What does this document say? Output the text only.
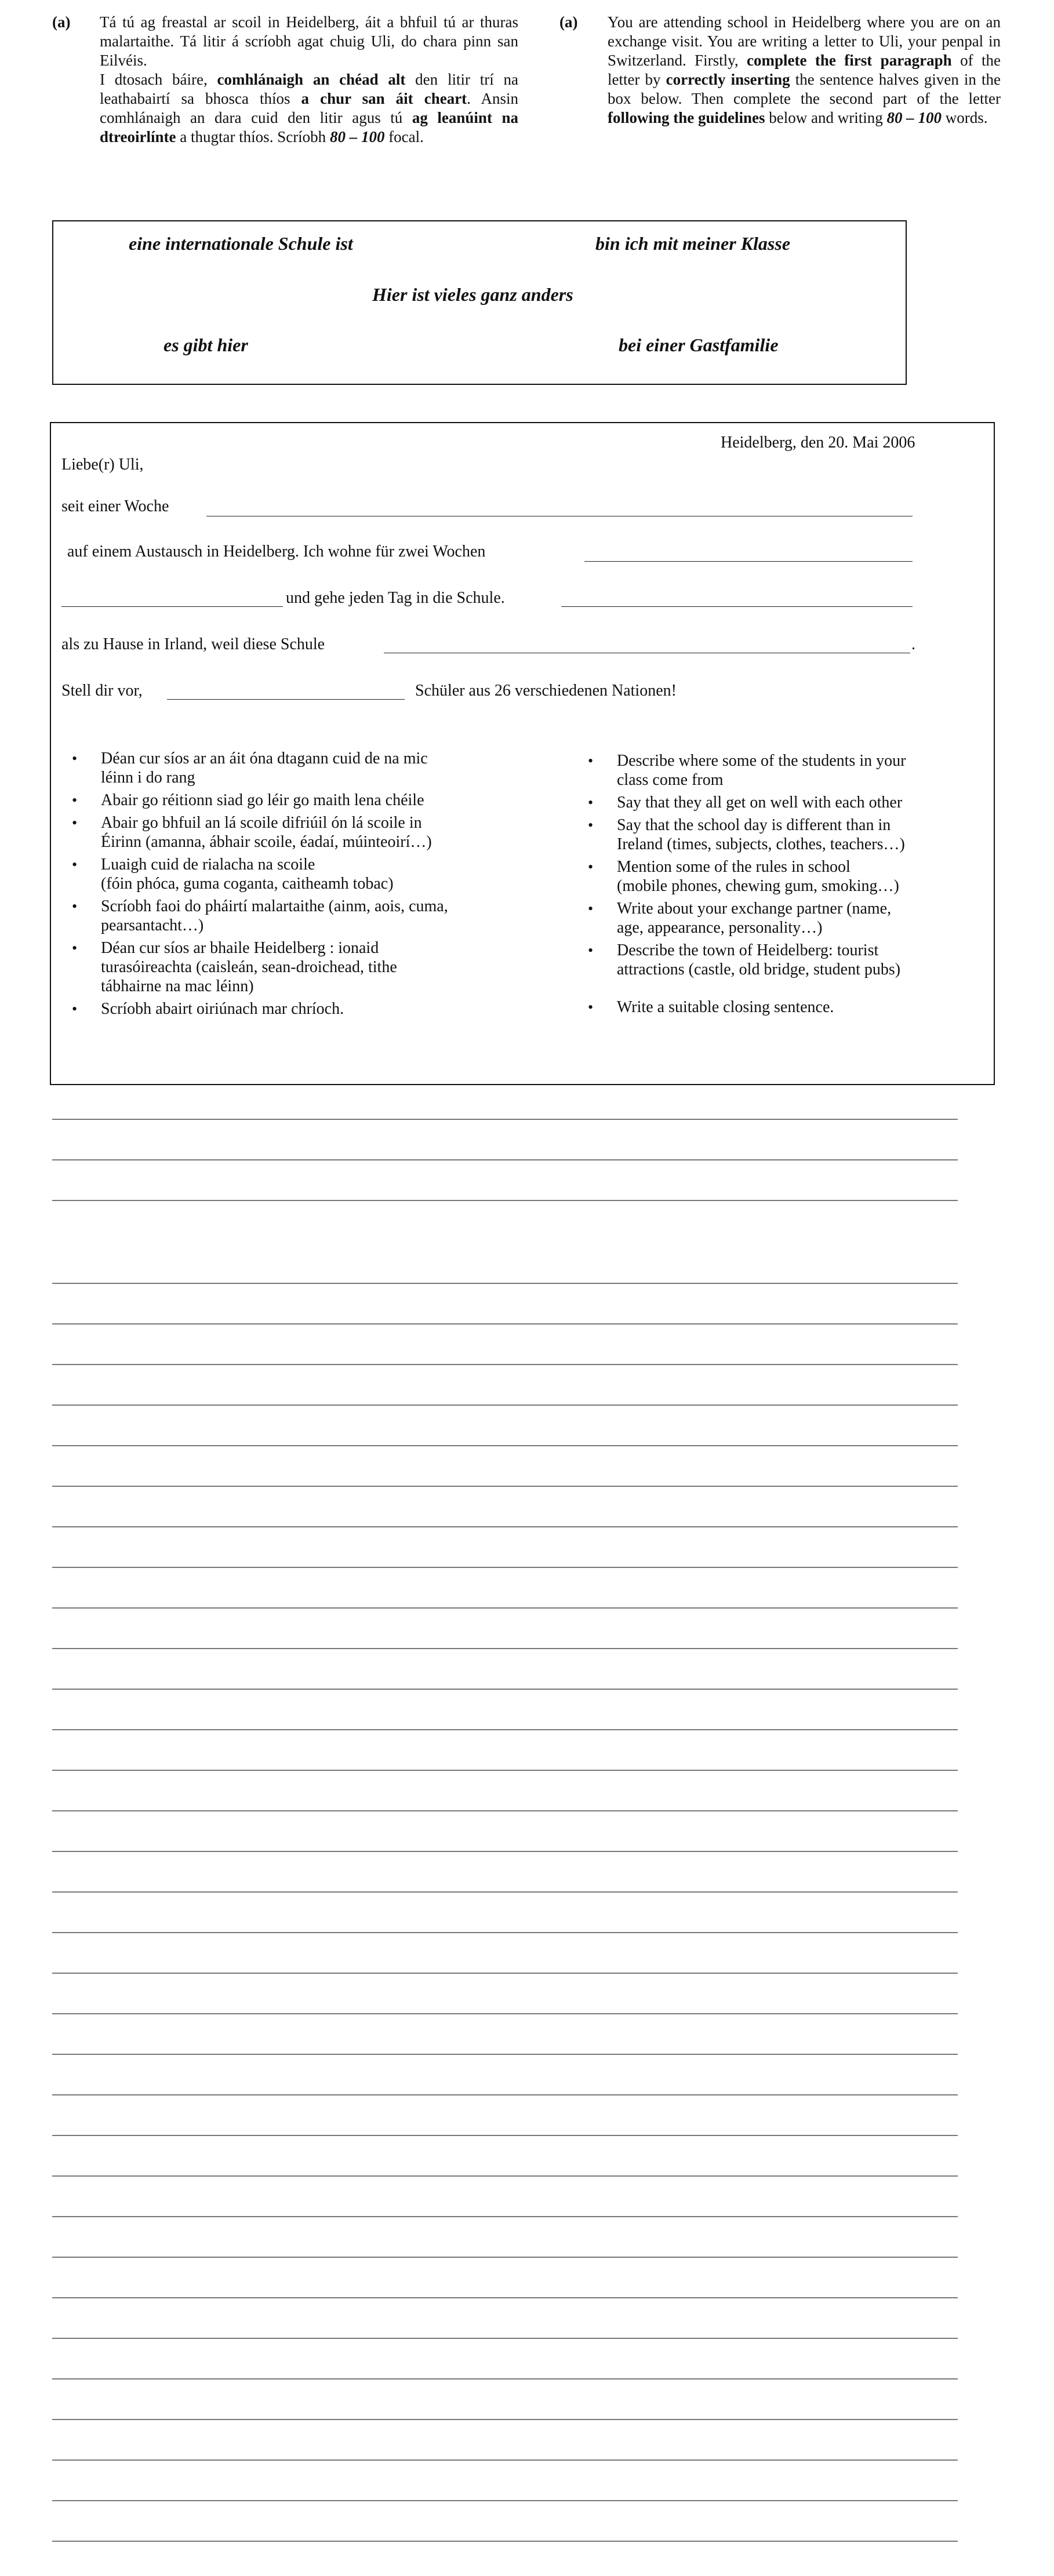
(a) Tá tú ag freastal ar scoil in Heidelberg, áit a bhfuil tú ar thuras malartaithe. Tá litir á scríobh agat chuig Uli, do chara pinn san Eilvéis.

I dtosach báire, comhlánaigh an chéad alt den litir trí na leathabairtí sa bhosca thíos a chur san áit cheart. Ansin comhlánaigh an dara cuid den litir agus tú ag leanúint na dtreoirlínte a thugtar thíos. Scríobh 80 – 100 focal.

(a) You are attending school in Heidelberg where you are on an exchange visit. You are writing a letter to Uli, your penpal in Switzerland. Firstly, complete the first paragraph of the letter by correctly inserting the sentence halves given in the box below. Then complete the second part of the letter following the guidelines below and writing 80 – 100 words.

eine internationale Schule ist	bin ich mit meiner Klasse
Hier ist vieles ganz anders
es gibt hier	bei einer Gastfamilie
Heidelberg, den 20. Mai 2006
Liebe(r) Uli,
seit einer Woche
auf einem Austausch in Heidelberg. Ich wohne für zwei Wochen
und gehe jeden Tag in die Schule.
als zu Hause in Irland, weil diese Schule	.
Stell dir vor,	Schüler aus 26 verschiedenen Nationen!
• Déan cur síos ar an áit óna dtagann cuid de na mic
léinn i do rang
• Abair go réitionn siad go léir go maith lena chéile
• Abair go bhfuil an lá scoile difriúil ón lá scoile in
Éirinn (amanna, ábhair scoile, éadaí, múinteoirí…)
• Luaigh cuid de rialacha na scoile
(fóin phóca, guma coganta, caitheamh tobac)
• Scríobh faoi do pháirtí malartaithe (ainm, aois, cuma,
pearsantacht…)
• Déan cur síos ar bhaile Heidelberg : ionaid
turasóireachta (caisleán, sean-droichead, tithe
tábhairne na mac léinn)
• Scríobh abairt oiriúnach mar chríoch.
• Describe where some of the students in your
class come from
• Say that they all get on well with each other
• Say that the school day is different than in
Ireland (times, subjects, clothes, teachers…)
• Mention some of the rules in school
(mobile phones, chewing gum, smoking…)
• Write about your exchange partner (name,
age, appearance, personality…)
• Describe the town of Heidelberg: tourist
attractions (castle, old bridge, student pubs)
• Write a suitable closing sentence.
